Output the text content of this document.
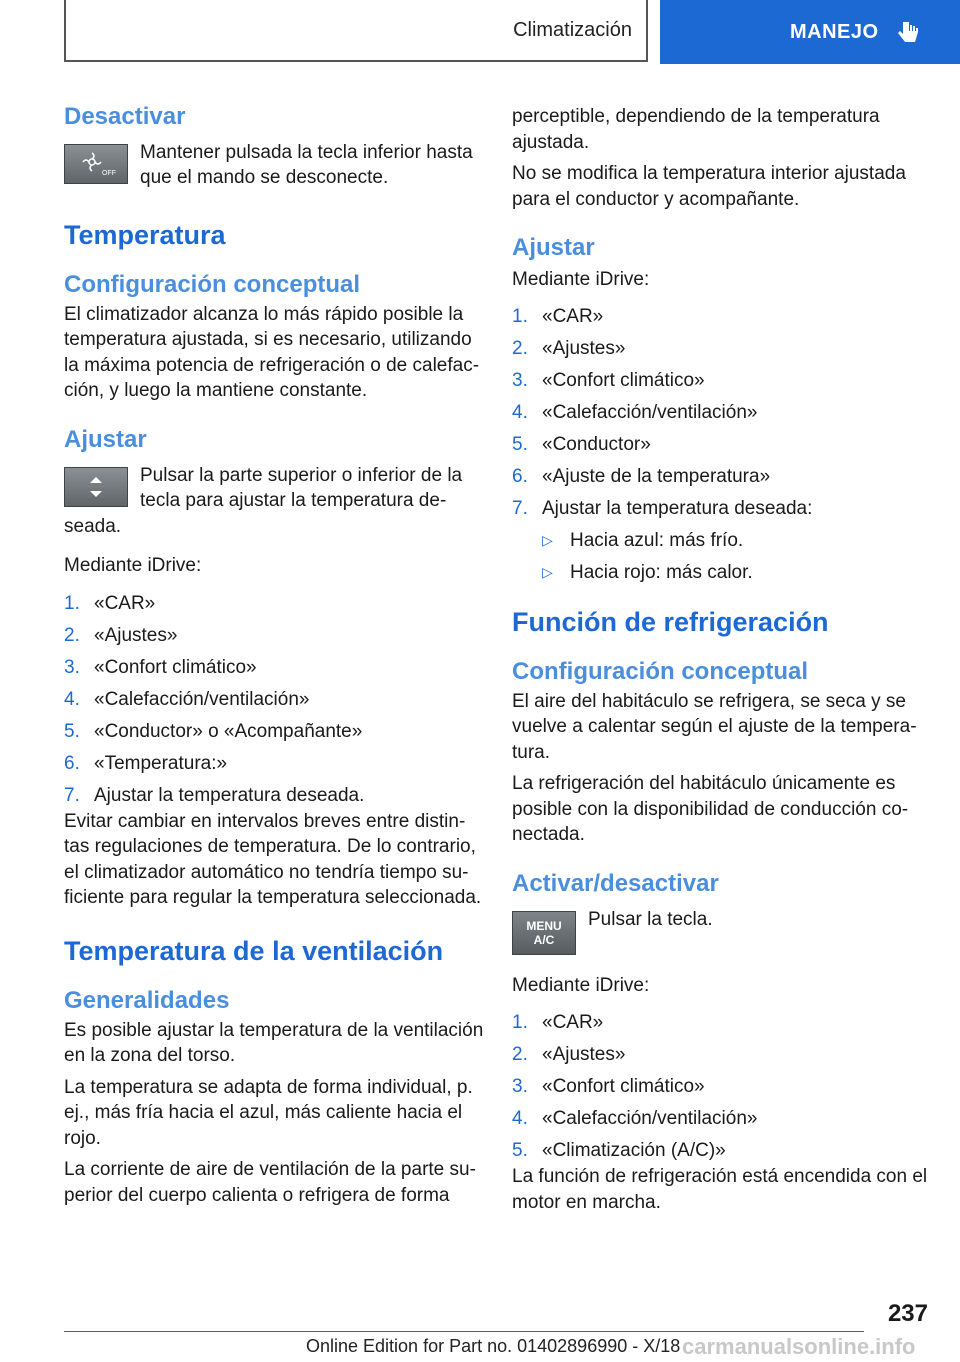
Climatización	MANEJO
Desactivar
OFF

Mantener pulsada la tecla inferior hasta que el mando se desconecte.

Temperatura
Configuración conceptual

El climatizador alcanza lo más rápido posible la temperatura ajustada, si es necesario, utilizando la máxima potencia de refrigeración o de calefacción, y luego la mantiene constante.

Ajustar

Pulsar la parte superior o inferior de la tecla para ajustar la temperatura deseada.

Mediante iDrive:

1. «CAR»
2. «Ajustes»
3. «Confort climático»
4. «Calefacción/ventilación»
5. «Conductor» o «Acompañante»
6. «Temperatura:»
7. Ajustar la temperatura deseada.

Evitar cambiar en intervalos breves entre distintas regulaciones de temperatura. De lo contrario, el climatizador automático no tendría tiempo suficiente para regular la temperatura seleccionada.

Temperatura de la ventilación
Generalidades

Es posible ajustar la temperatura de la ventilación en la zona del torso.

La temperatura se adapta de forma individual, p. ej., más fría hacia el azul, más caliente hacia el rojo.

La corriente de aire de ventilación de la parte superior del cuerpo calienta o refrigera de forma

perceptible, dependiendo de la temperatura ajustada.

No se modifica la temperatura interior ajustada para el conductor y acompañante.

Ajustar

Mediante iDrive:

1. «CAR»
2. «Ajustes»
3. «Confort climático»
4. «Calefacción/ventilación»
5. «Conductor»
6. «Ajuste de la temperatura»
7. Ajustar la temperatura deseada:
▷ Hacia azul: más frío.
▷ Hacia rojo: más calor.
Función de refrigeración
Configuración conceptual

El aire del habitáculo se refrigera, se seca y se vuelve a calentar según el ajuste de la temperatura.

La refrigeración del habitáculo únicamente es posible con la disponibilidad de conducción conectada.

Activar/desactivar
MENU
A/C

Pulsar la tecla.

Mediante iDrive:

1. «CAR»
2. «Ajustes»
3. «Confort climático»
4. «Calefacción/ventilación»
5. «Climatización (A/C)»

La función de refrigeración está encendida con el motor en marcha.

237
Online Edition for Part no. 01402896990 - X/18 carmanualsonline.info
